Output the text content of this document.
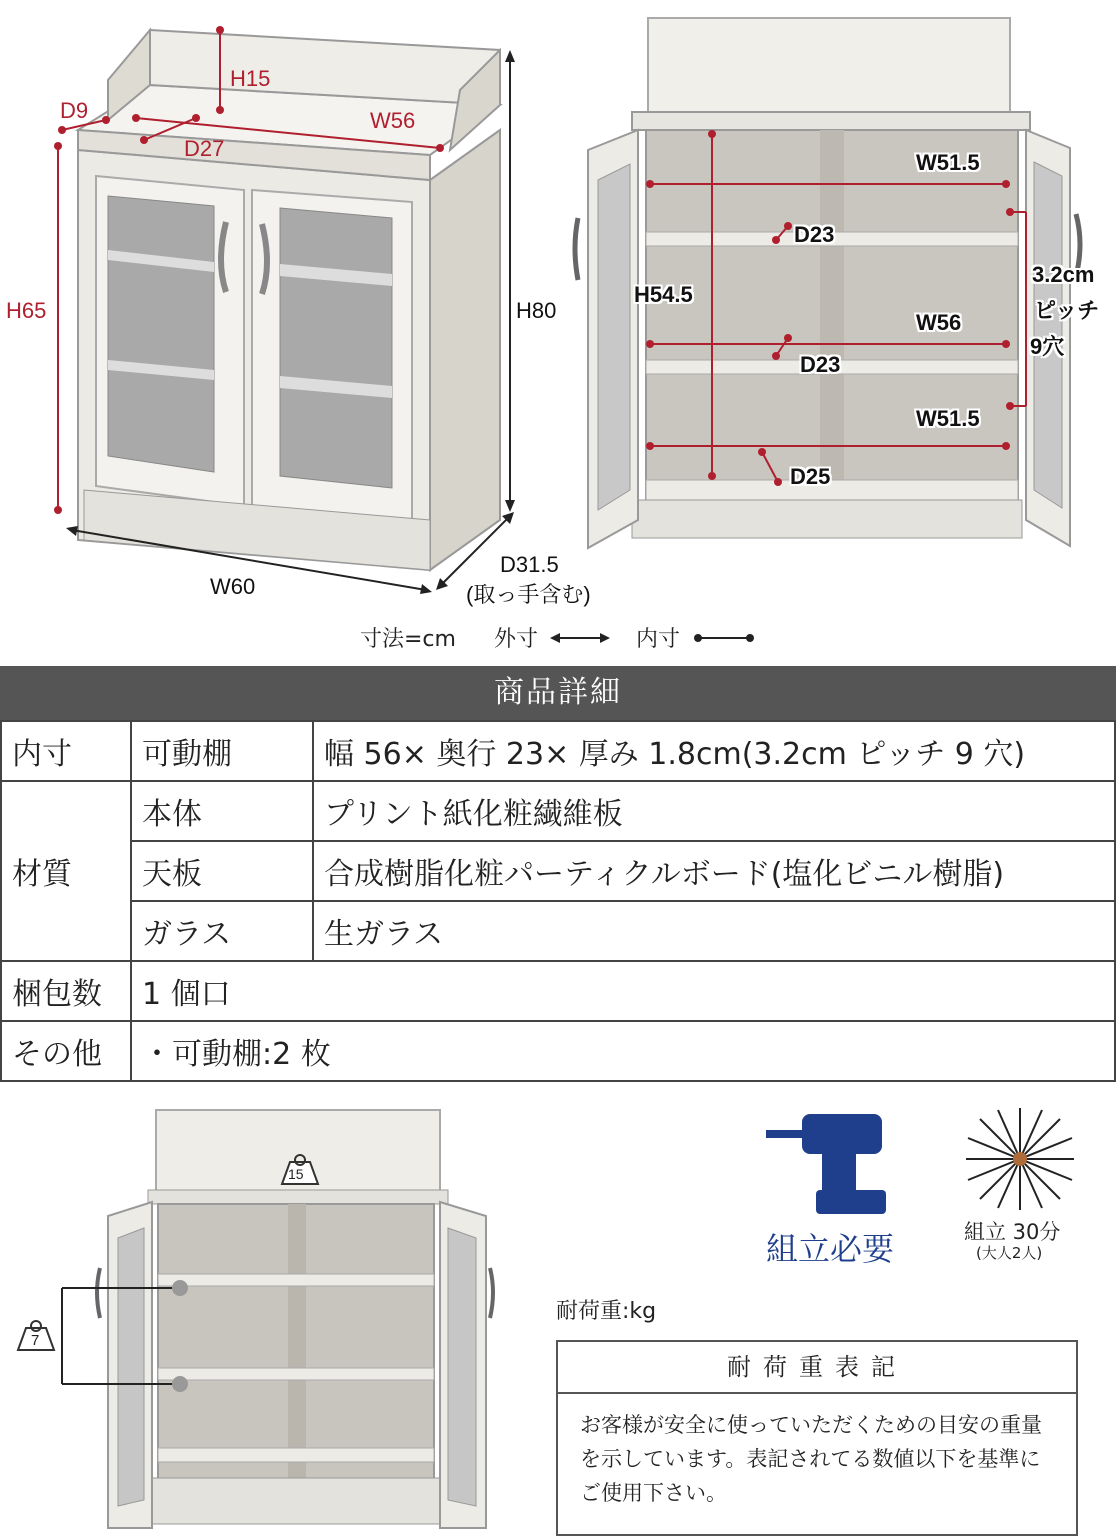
H15
D9	W56
D27
H65	H80
W60
D31.5
(取っ手含む)
W51.5
D23
3.2cm
ピッチ
9穴
H54.5
W56
D23
W51.5
D25
寸法=cm 外寸	内寸
商品詳細
内寸	可動棚	幅 56× 奥行 23× 厚み 1.8cm(3.2cm ピッチ 9 穴)
材質	本体	プリント紙化粧繊維板
	天板	合成樹脂化粧パーティクルボード(塩化ビニル樹脂)
	ガラス	生ガラス
梱包数	1 個口	
その他	・可動棚:2 枚	
15
7
組立必要	組立 30分
(大人2人)
耐荷重:kg
耐荷重表記
お客様が安全に使っていただくための目安の重量を示しています。表記されてる数値以下を基準にご使用下さい。
